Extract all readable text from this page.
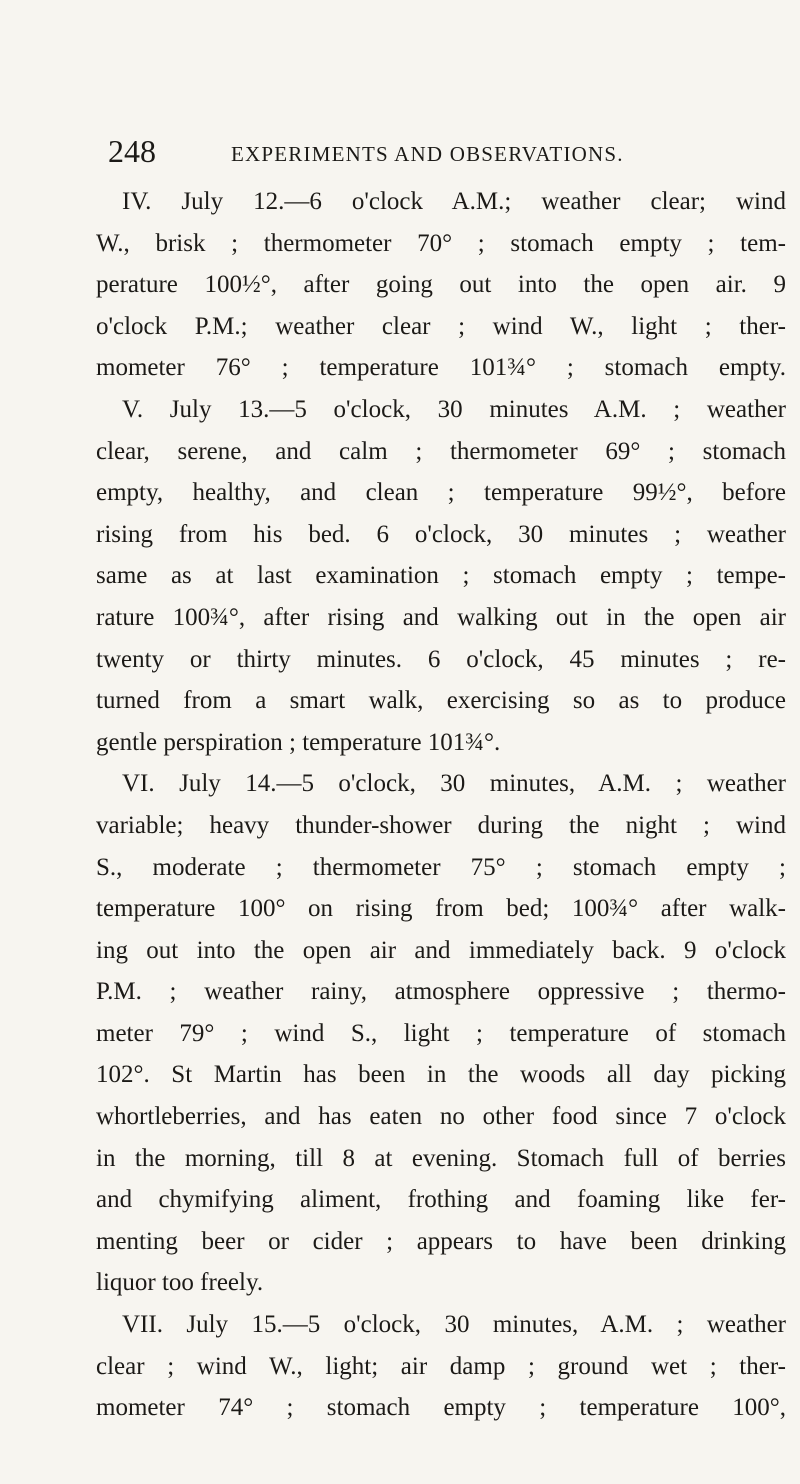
248	EXPERIMENTS AND OBSERVATIONS.
IV. July 12.—6 o'clock A.M.; weather clear; wind
W., brisk ; thermometer 70° ; stomach empty ; tem-
perature 100½°, after going out into the open air. 9
o'clock P.M.; weather clear ; wind W., light ; ther-
mometer 76° ; temperature 101¾° ; stomach empty.
V. July 13.—5 o'clock, 30 minutes A.M. ; weather
clear, serene, and calm ; thermometer 69° ; stomach
empty, healthy, and clean ; temperature 99½°, before
rising from his bed. 6 o'clock, 30 minutes ; weather
same as at last examination ; stomach empty ; tempe-
rature 100¾°, after rising and walking out in the open air
twenty or thirty minutes. 6 o'clock, 45 minutes ; re-
turned from a smart walk, exercising so as to produce
gentle perspiration ; temperature 101¾°.
VI. July 14.—5 o'clock, 30 minutes, A.M. ; weather
variable; heavy thunder-shower during the night ; wind
S., moderate ; thermometer 75° ; stomach empty ;
temperature 100° on rising from bed; 100¾° after walk-
ing out into the open air and immediately back. 9 o'clock
P.M. ; weather rainy, atmosphere oppressive ; thermo-
meter 79° ; wind S., light ; temperature of stomach
102°. St Martin has been in the woods all day picking
whortleberries, and has eaten no other food since 7 o'clock
in the morning, till 8 at evening. Stomach full of berries
and chymifying aliment, frothing and foaming like fer-
menting beer or cider ; appears to have been drinking
liquor too freely.
VII. July 15.—5 o'clock, 30 minutes, A.M. ; weather
clear ; wind W., light; air damp ; ground wet ; ther-
mometer 74° ; stomach empty ; temperature 100°,
